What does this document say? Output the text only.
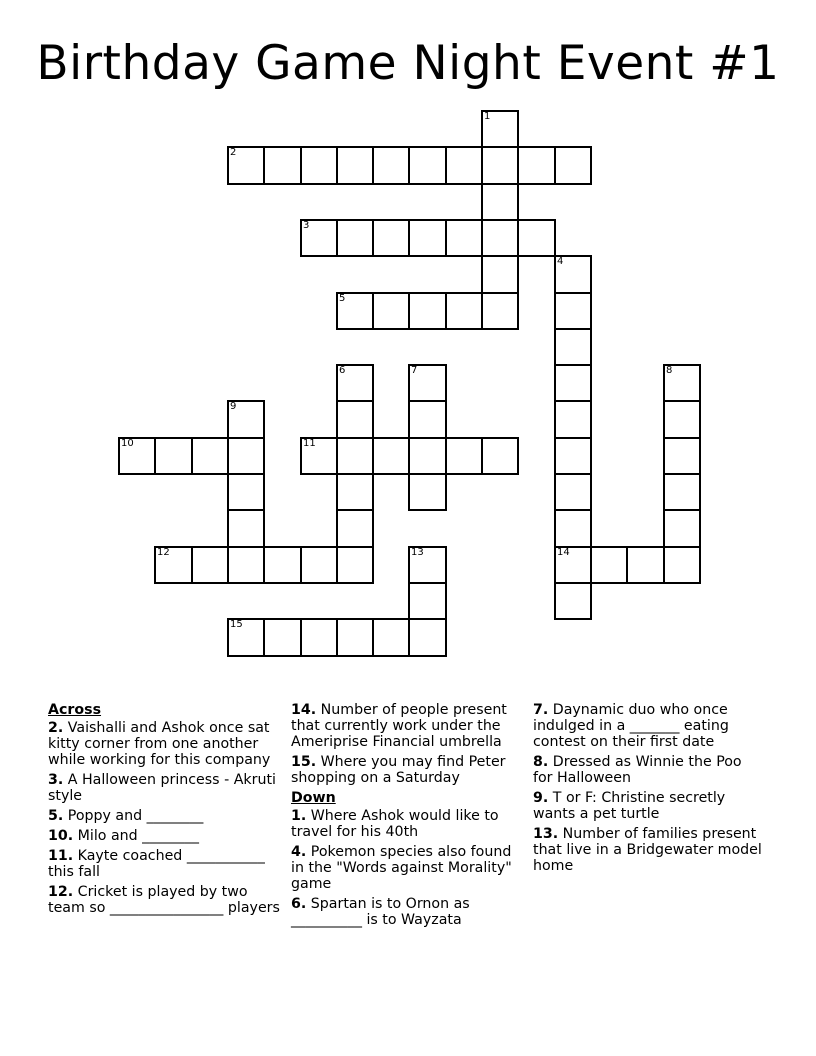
Birthday Game Night Event #1
1
2
3
4
14
5
6	7	8
9
10	11
12	13
15
Across
2. Vaishalli and Ashok once sat kitty corner from one another while working for this company
3. A Halloween princess - Akruti style
5. Poppy and ________
10. Milo and ________
11. Kayte coached ___________ this fall
12. Cricket is played by two team so ________________ players
14. Number of people present that currently work under the Ameriprise Financial umbrella
15. Where you may find Peter shopping on a Saturday
Down
1. Where Ashok would like to travel for his 40th
4. Pokemon species also found in the "Words against Morality" game
6. Spartan is to Ornon as __________ is to Wayzata
7. Daynamic duo who once indulged in a _______ eating contest on their first date
8. Dressed as Winnie the Poo for Halloween
9. T or F: Christine secretly wants a pet turtle
13. Number of families present that live in a Bridgewater model home
